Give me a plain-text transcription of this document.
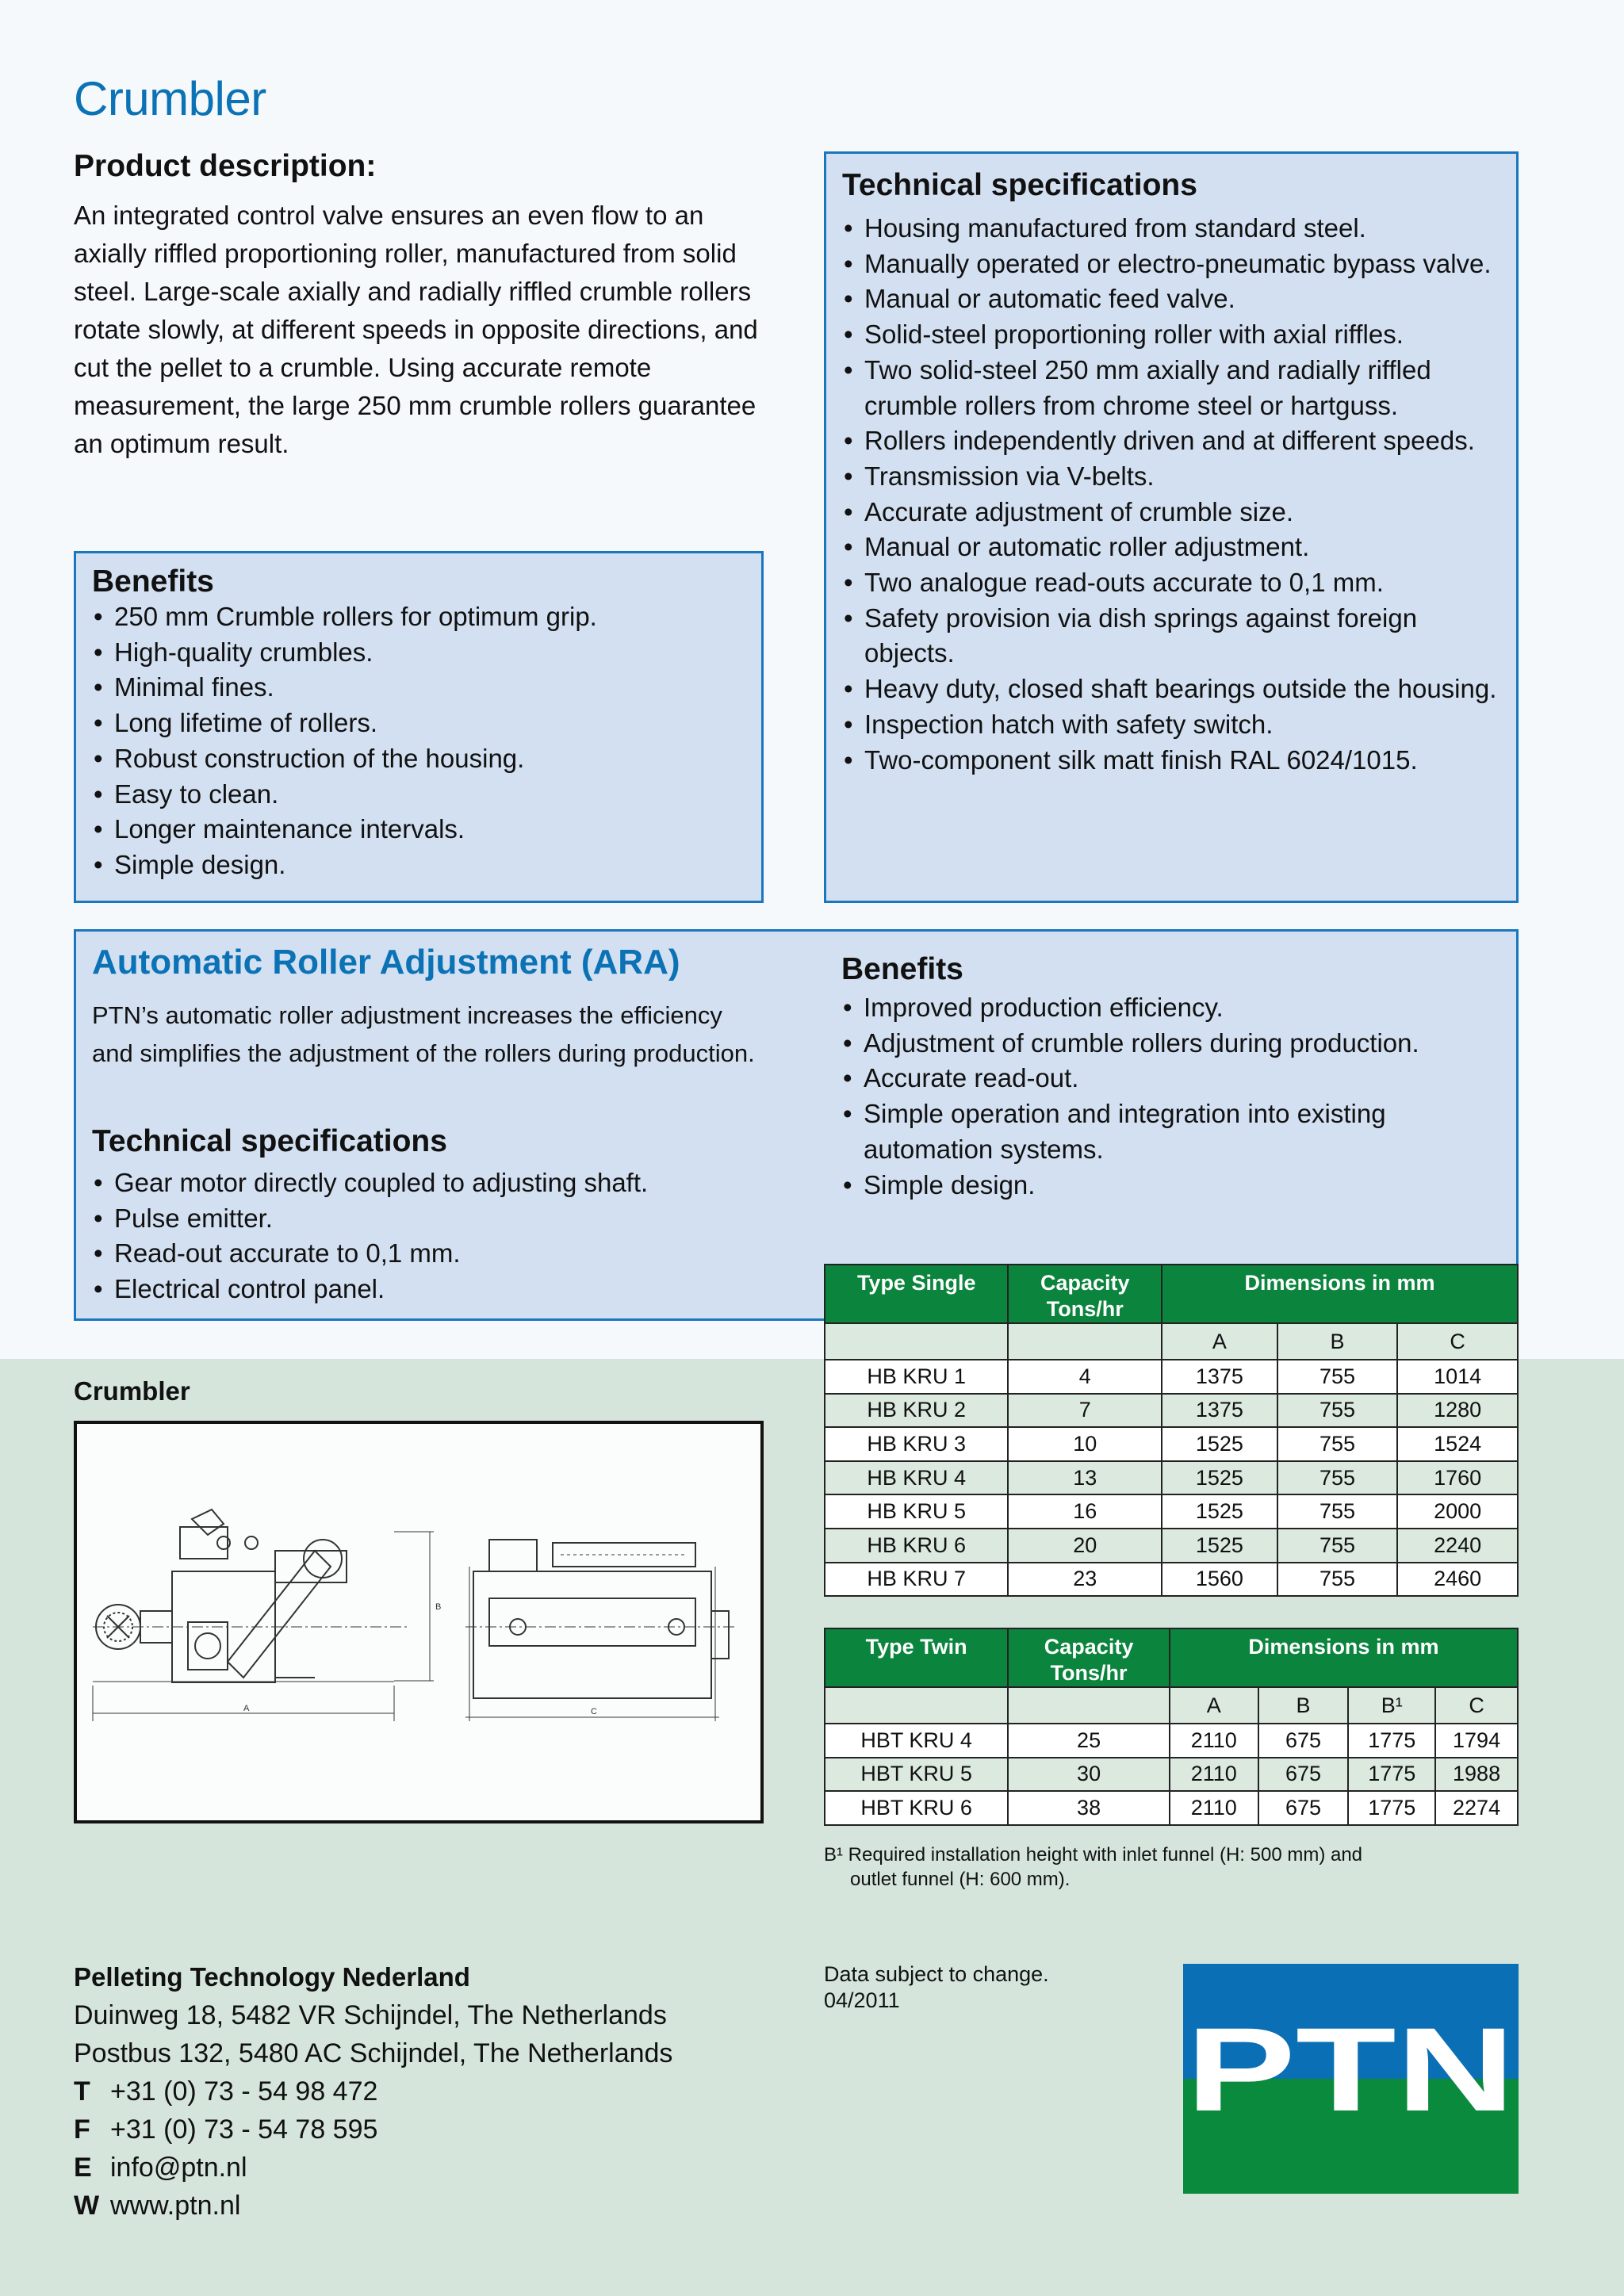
Crumbler
Product description:

An integrated control valve ensures an even flow to an axially riffled proportioning roller, manufactured from solid steel. Large-scale axially and radially riffled crumble rollers rotate slowly, at different speeds in opposite directions, and cut the pellet to a crumble. Using accurate remote measurement, the large 250 mm crumble rollers guarantee an optimum result.

Technical specifications
• Housing manufactured from standard steel.
• Manually operated or electro-pneumatic bypass valve.
• Manual or automatic feed valve.
• Solid-steel proportioning roller with axial riffles.
• Two solid-steel 250 mm axially and radially riffled crumble rollers from chrome steel or hartguss.
• Rollers independently driven and at different speeds.
• Transmission via V-belts.
• Accurate adjustment of crumble size.
• Manual or automatic roller adjustment.
• Two analogue read-outs accurate to 0,1 mm.
• Safety provision via dish springs against foreign objects.
• Heavy duty, closed shaft bearings outside the housing.
• Inspection hatch with safety switch.
• Two-component silk matt finish RAL 6024/1015.
Benefits
• 250 mm Crumble rollers for optimum grip.
• High-quality crumbles.
• Minimal fines.
• Long lifetime of rollers.
• Robust construction of the housing.
• Easy to clean.
• Longer maintenance intervals.
• Simple design.
Automatic Roller Adjustment (ARA)

PTN’s automatic roller adjustment increases the efficiency and simplifies the adjustment of the rollers during production.

Technical specifications
• Gear motor directly coupled to adjusting shaft.
• Pulse emitter.
• Read-out accurate to 0,1 mm.
• Electrical control panel.
Benefits
• Improved production efficiency.
• Adjustment of crumble rollers during production.
• Accurate read-out.
• Simple operation and integration into existing automation systems.
• Simple design.
Crumbler
A
B
C
Type Single	Capacity Tons/hr	Dimensions in mm		
		A	B	C
HB KRU 1	4	1375	755	1014
HB KRU 2	7	1375	755	1280
HB KRU 3	10	1525	755	1524
HB KRU 4	13	1525	755	1760
HB KRU 5	16	1525	755	2000
HB KRU 6	20	1525	755	2240
HB KRU 7	23	1560	755	2460
Type Twin	Capacity Tons/hr	Dimensions in mm			
		A	B	B¹	C
HBT KRU 4	25	2110	675	1775	1794
HBT KRU 5	30	2110	675	1775	1988
HBT KRU 6	38	2110	675	1775	2274
B¹ Required installation height with inlet funnel (H: 500 mm) and
outlet funnel (H: 600 mm).
Pelleting Technology Nederland
Duinweg 18, 5482 VR Schijndel, The Netherlands
Postbus 132, 5480 AC Schijndel, The Netherlands
T +31 (0) 73 - 54 98 472
F +31 (0) 73 - 54 78 595
E info@ptn.nl
W www.ptn.nl
Data subject to change.
04/2011
PTN
